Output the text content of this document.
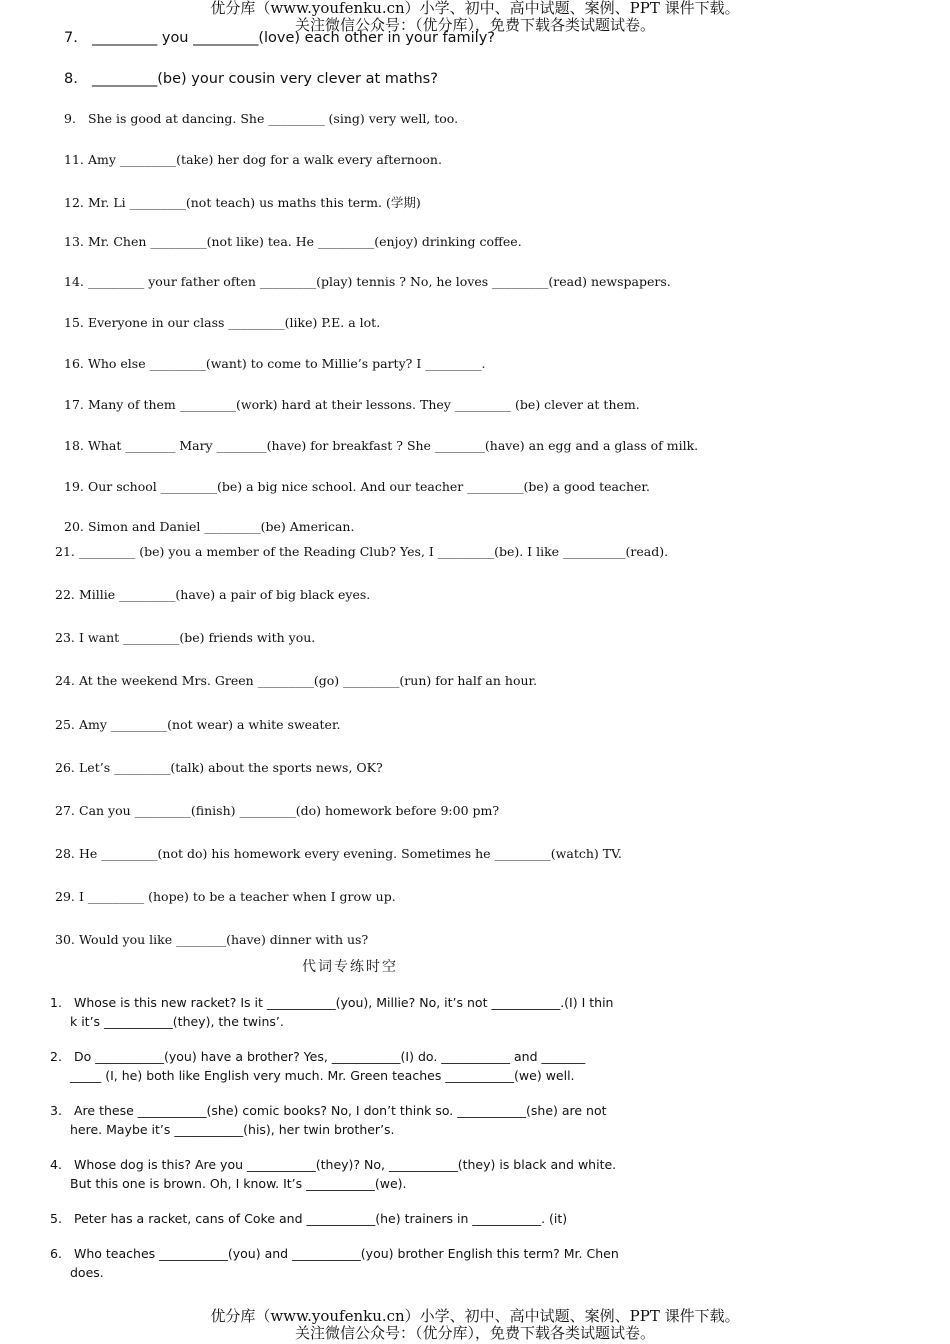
优分库（www.youfenku.cn）小学、初中、高中试题、案例、PPT 课件下载。
关注微信公众号：（优分库），免费下载各类试题试卷。
7. _________ you _________(love) each other in your family?
8. _________(be) your cousin very clever at maths?
9. She is good at dancing. She _________ (sing) very well, too.
11. Amy _________(take) her dog for a walk every afternoon.
12. Mr. Li _________(not teach) us maths this term. (学期)
13. Mr. Chen _________(not like) tea. He _________(enjoy) drinking coffee.
14. _________ your father often _________(play) tennis ? No, he loves _________(read) newspapers.
15. Everyone in our class _________(like) P.E. a lot.
16. Who else _________(want) to come to Millie’s party? I _________.
17. Many of them _________(work) hard at their lessons. They _________ (be) clever at them.
18. What ________ Mary ________(have) for breakfast ? She ________(have) an egg and a glass of milk.
19. Our school _________(be) a big nice school. And our teacher _________(be) a good teacher.
20. Simon and Daniel _________(be) American.
21. _________ (be) you a member of the Reading Club? Yes, I _________(be). I like __________(read).
22. Millie _________(have) a pair of big black eyes.
23. I want _________(be) friends with you.
24. At the weekend Mrs. Green _________(go) _________(run) for half an hour.
25. Amy _________(not wear) a white sweater.
26. Let’s _________(talk) about the sports news, OK?
27. Can you _________(finish) _________(do) homework before 9:00 pm?
28. He _________(not do) his homework every evening. Sometimes he _________(watch) TV.
29. I _________ (hope) to be a teacher when I grow up.
30. Would you like ________(have) dinner with us?
代词专练时空
1. Whose is this new racket? Is it ___________(you), Millie? No, it’s not ___________.(I) I thin
k it’s ___________(they), the twins’.
2. Do ___________(you) have a brother? Yes, ___________(I) do. ___________ and _______
_____ (I, he) both like English very much. Mr. Green teaches ___________(we) well.
3. Are these ___________(she) comic books? No, I don’t think so. ___________(she) are not
here. Maybe it’s ___________(his), her twin brother’s.
4. Whose dog is this? Are you ___________(they)? No, ___________(they) is black and white.
But this one is brown. Oh, I know. It’s ___________(we).
5. Peter has a racket, cans of Coke and ___________(he) trainers in ___________. (it)
6. Who teaches ___________(you) and ___________(you) brother English this term? Mr. Chen
does.
优分库（www.youfenku.cn）小学、初中、高中试题、案例、PPT 课件下载。
关注微信公众号：（优分库），免费下载各类试题试卷。
